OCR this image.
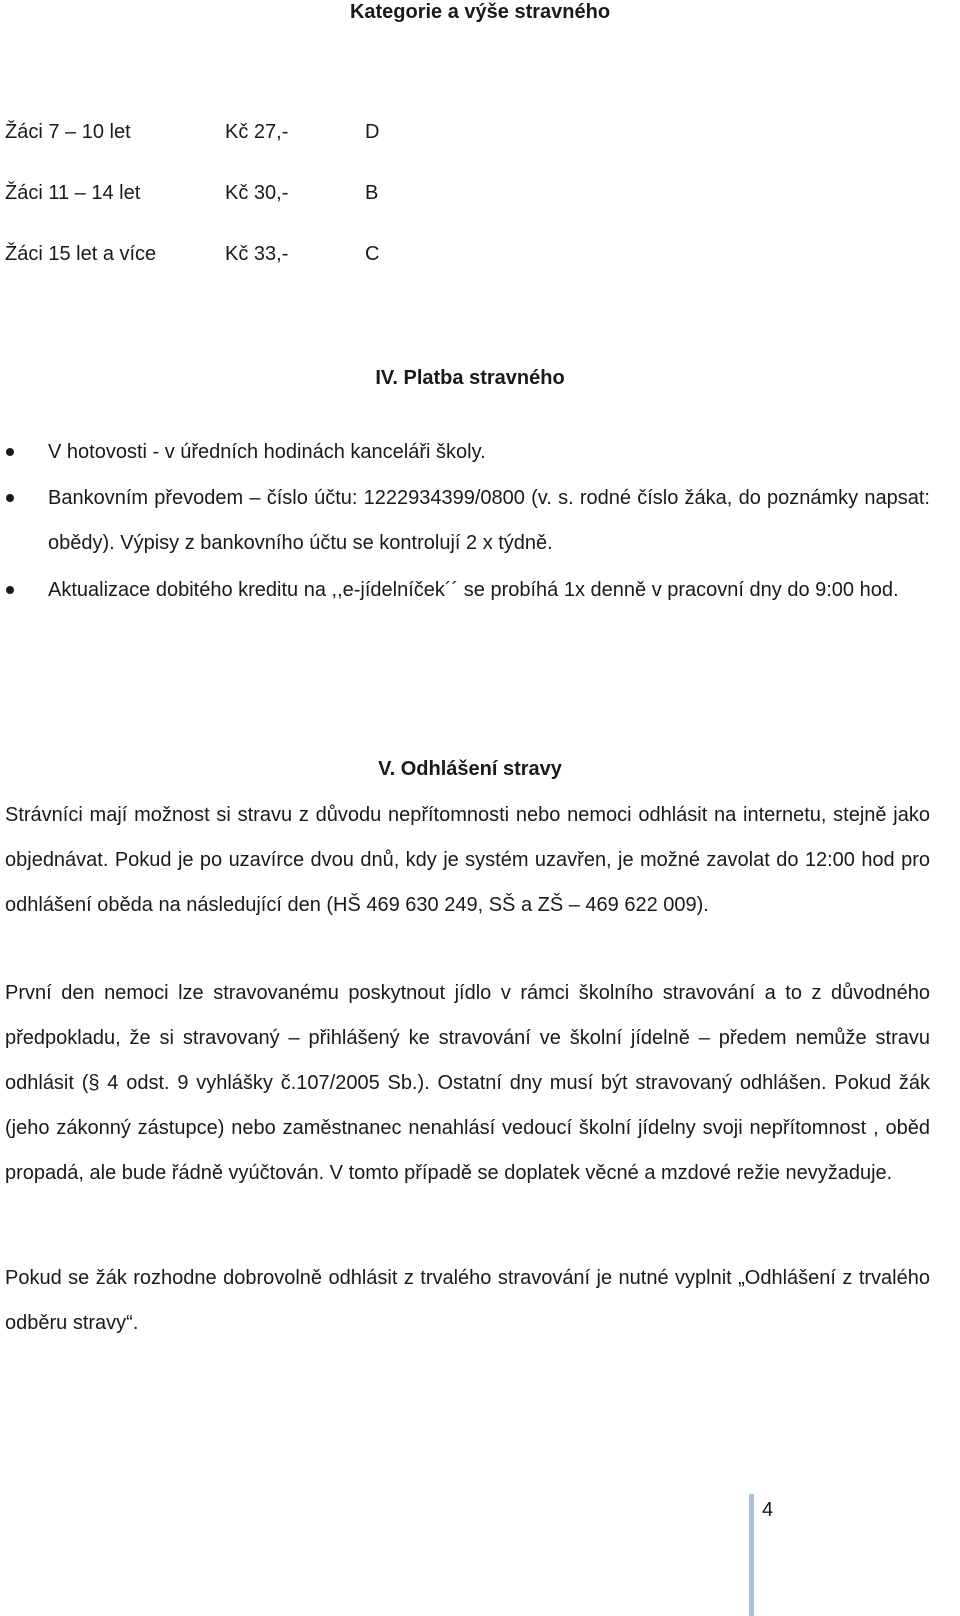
Kategorie a výše stravného
Žáci 7 – 10 let	Kč 27,-	D
Žáci 11 – 14 let	Kč 30,-	B
Žáci 15 let a více	Kč 33,-	C
IV. Platba stravného
V hotovosti - v úředních hodinách kanceláři školy.
Bankovním převodem – číslo účtu: 1222934399/0800 (v. s. rodné číslo žáka, do poznámky napsat: obědy). Výpisy z bankovního účtu se kontrolují 2 x týdně.
Aktualizace dobitého kreditu na ,,e-jídelníček´´ se probíhá 1x denně v pracovní dny do 9:00 hod.
V. Odhlášení stravy
Strávníci mají možnost si stravu z důvodu nepřítomnosti nebo nemoci odhlásit na internetu, stejně jako objednávat. Pokud je po uzavírce dvou dnů, kdy je systém uzavřen, je možné zavolat do 12:00 hod pro odhlášení oběda na následující den (HŠ 469 630 249, SŠ a ZŠ – 469 622 009).
První den nemoci lze stravovanému poskytnout jídlo v rámci školního stravování a to z důvodného předpokladu, že si stravovaný – přihlášený ke stravování ve školní jídelně – předem nemůže stravu odhlásit (§ 4 odst. 9 vyhlášky č.107/2005 Sb.). Ostatní dny musí být stravovaný odhlášen. Pokud žák (jeho zákonný zástupce) nebo zaměstnanec nenahlásí vedoucí školní jídelny svoji nepřítomnost , oběd propadá, ale bude řádně vyúčtován. V tomto případě se doplatek věcné a mzdové režie nevyžaduje.
Pokud se žák rozhodne dobrovolně odhlásit z trvalého stravování je nutné vyplnit „Odhlášení z trvalého odběru stravy“.
4
